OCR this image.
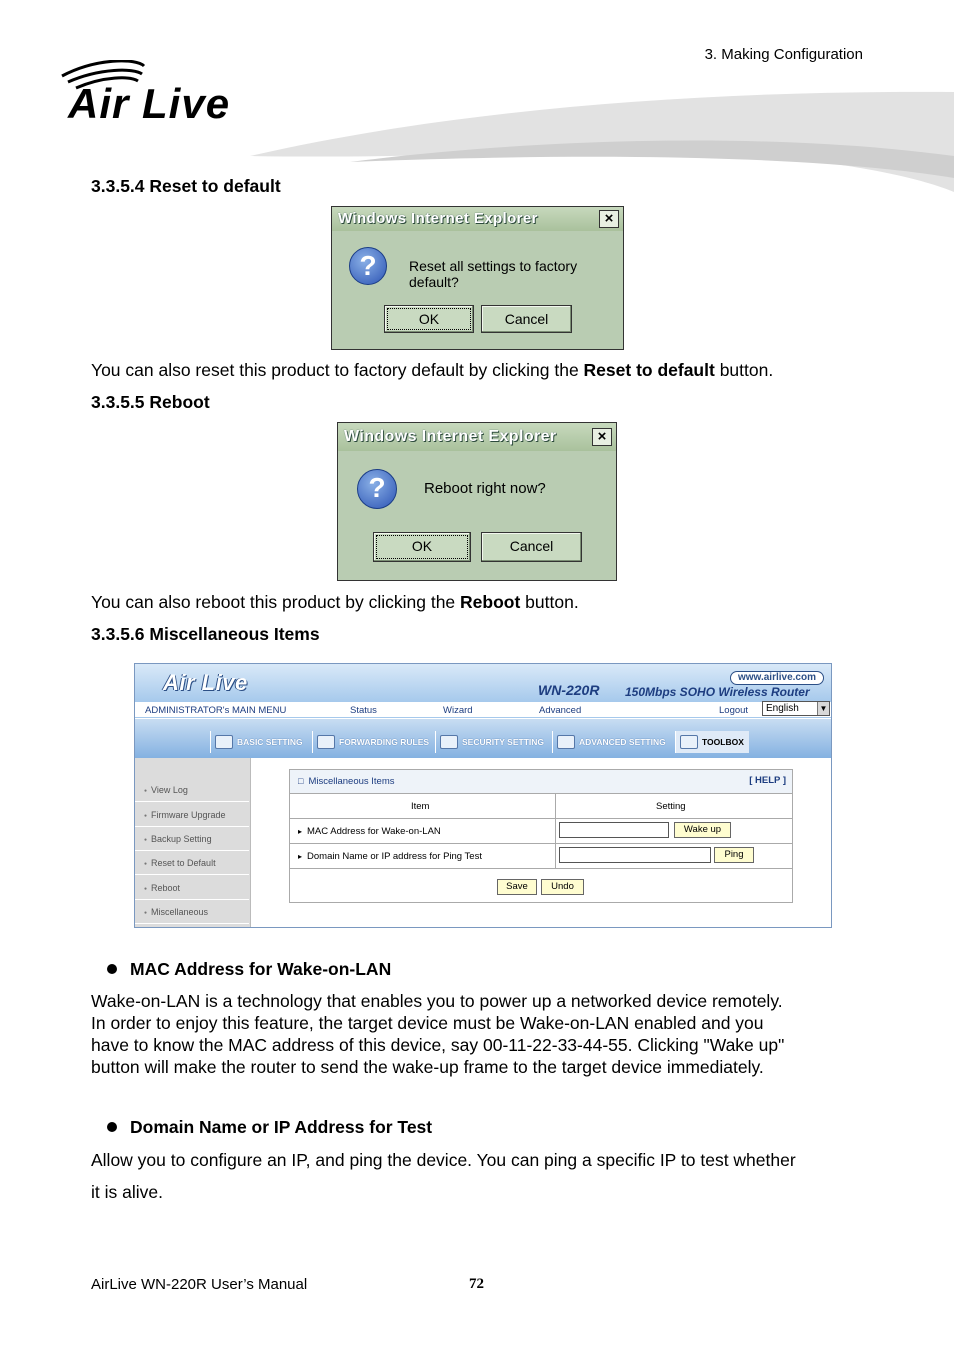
3. Making Configuration
Air Live
3.3.5.4 Reset to default
Windows Internet Explorer	×
?	Reset all settings to factory default?
OK	Cancel

You can also reset this product to factory default by clicking the Reset to default button.

3.3.5.5 Reboot
Windows Internet Explorer	×
?	Reboot right now?
OK	Cancel

You can also reboot this product by clicking the Reboot button.

3.3.5.6 Miscellaneous Items
Air Live	www.airlive.com
WN-220R 150Mbps SOHO Wireless Router
ADMINISTRATOR's MAIN MENU	Status	Wizard	Advanced	Logout	English	▼
BASIC SETTING	FORWARDING RULES	SECURITY SETTING	ADVANCED SETTING	TOOLBOX
● View Log
● Firmware Upgrade
● Backup Setting
● Reset to Default
● Reboot
● Miscellaneous
□ Miscellaneous Items	[ HELP ]
Item	Setting
▸ MAC Address for Wake-on-LAN	Wake up
▸ Domain Name or IP address for Ping Test	Ping
Save	Undo
MAC Address for Wake-on-LAN

Wake-on-LAN is a technology that enables you to power up a networked device remotely.

In order to enjoy this feature, the target device must be Wake-on-LAN enabled and you

have to know the MAC address of this device, say 00-11-22-33-44-55. Clicking "Wake up"

button will make the router to send the wake-up frame to the target device immediately.

Domain Name or IP Address for Test

Allow you to configure an IP, and ping the device. You can ping a specific IP to test whether

it is alive.

AirLive WN-220R User’s Manual	72
